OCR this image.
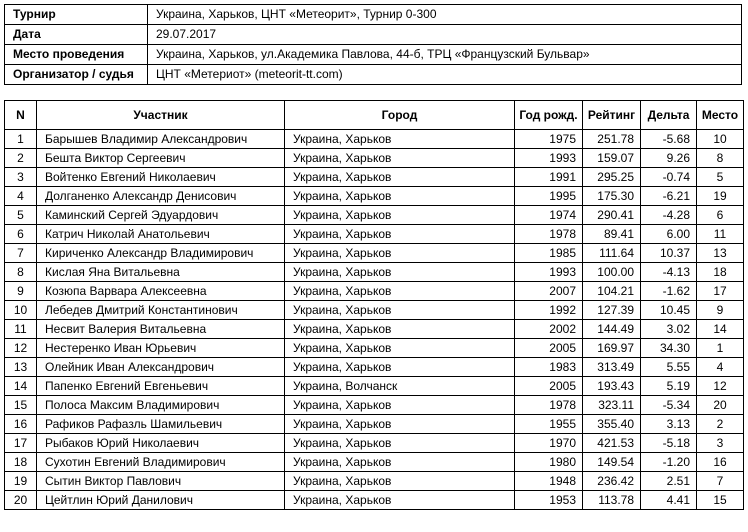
Турнир	Украина, Харьков, ЦНТ «Метеорит», Турнир 0-300
Дата	29.07.2017
Место проведения	Украина, Харьков, ул.Академика Павлова, 44-б, ТРЦ «Французский Бульвар»
Организатор / судья	ЦНТ «Метериот» (meteorit-tt.com)
N	Участник	Город	Год рожд.	Рейтинг	Дельта	Место
1	Барышев Владимир Александрович	Украина, Харьков	1975	251.78	-5.68	10
2	Бешта Виктор Сергеевич	Украина, Харьков	1993	159.07	9.26	8
3	Войтенко Евгений Николаевич	Украина, Харьков	1991	295.25	-0.74	5
4	Долганенко Александр Денисович	Украина, Харьков	1995	175.30	-6.21	19
5	Каминский Сергей Эдуардович	Украина, Харьков	1974	290.41	-4.28	6
6	Катрич Николай Анатольевич	Украина, Харьков	1978	89.41	6.00	11
7	Кириченко Александр Владимирович	Украина, Харьков	1985	111.64	10.37	13
8	Кислая Яна Витальевна	Украина, Харьков	1993	100.00	-4.13	18
9	Козюпа Варвара Алексеевна	Украина, Харьков	2007	104.21	-1.62	17
10	Лебедев Дмитрий Константинович	Украина, Харьков	1992	127.39	10.45	9
11	Несвит Валерия Витальевна	Украина, Харьков	2002	144.49	3.02	14
12	Нестеренко Иван Юрьевич	Украина, Харьков	2005	169.97	34.30	1
13	Олейник Иван Александрович	Украина, Харьков	1983	313.49	5.55	4
14	Папенко Евгений Евгеньевич	Украина, Волчанск	2005	193.43	5.19	12
15	Полоса Максим Владимирович	Украина, Харьков	1978	323.11	-5.34	20
16	Рафиков Рафазль Шамильевич	Украина, Харьков	1955	355.40	3.13	2
17	Рыбаков Юрий Николаевич	Украина, Харьков	1970	421.53	-5.18	3
18	Сухотин Евгений Владимирович	Украина, Харьков	1980	149.54	-1.20	16
19	Сытин Виктор Павлович	Украина, Харьков	1948	236.42	2.51	7
20	Цейтлин Юрий Данилович	Украина, Харьков	1953	113.78	4.41	15
